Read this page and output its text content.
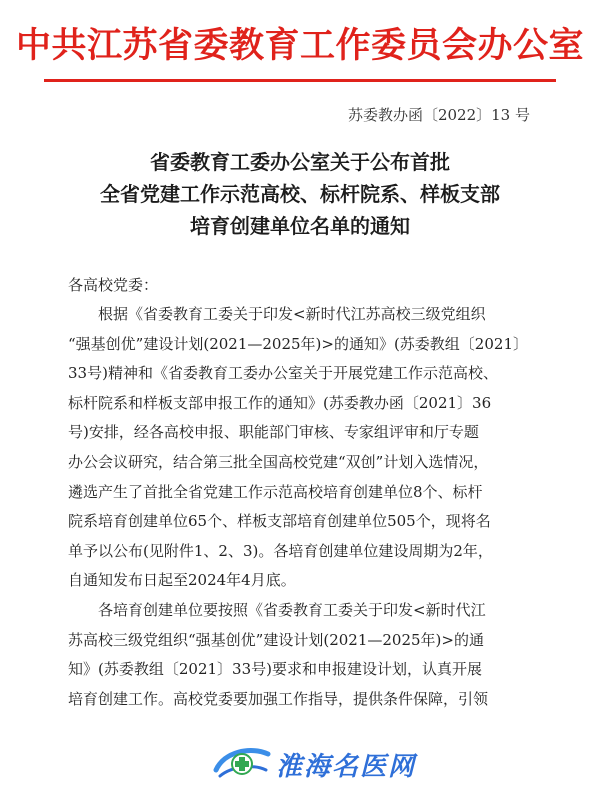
中共江苏省委教育工作委员会办公室
苏委教办函〔2022〕13 号
省委教育工委办公室关于公布首批
全省党建工作示范高校、标杆院系、样板支部
培育创建单位名单的通知
各高校党委：
根据《省委教育工委关于印发<新时代江苏高校三级党组织
“强基创优”建设计划(2021—2025年)>的通知》(苏委教组〔2021〕
33号)精神和《省委教育工委办公室关于开展党建工作示范高校、
标杆院系和样板支部申报工作的通知》(苏委教办函〔2021〕36
号)安排，经各高校申报、职能部门审核、专家组评审和厅专题
办公会议研究，结合第三批全国高校党建“双创”计划入选情况，
遴选产生了首批全省党建工作示范高校培育创建单位8个、标杆
院系培育创建单位65个、样板支部培育创建单位505个，现将名
单予以公布(见附件1、2、3)。各培育创建单位建设周期为2年，
自通知发布日起至2024年4月底。
各培育创建单位要按照《省委教育工委关于印发<新时代江
苏高校三级党组织“强基创优”建设计划(2021—2025年)>的通
知》(苏委教组〔2021〕33号)要求和申报建设计划，认真开展
培育创建工作。高校党委要加强工作指导，提供条件保障，引领
淮海名医网
